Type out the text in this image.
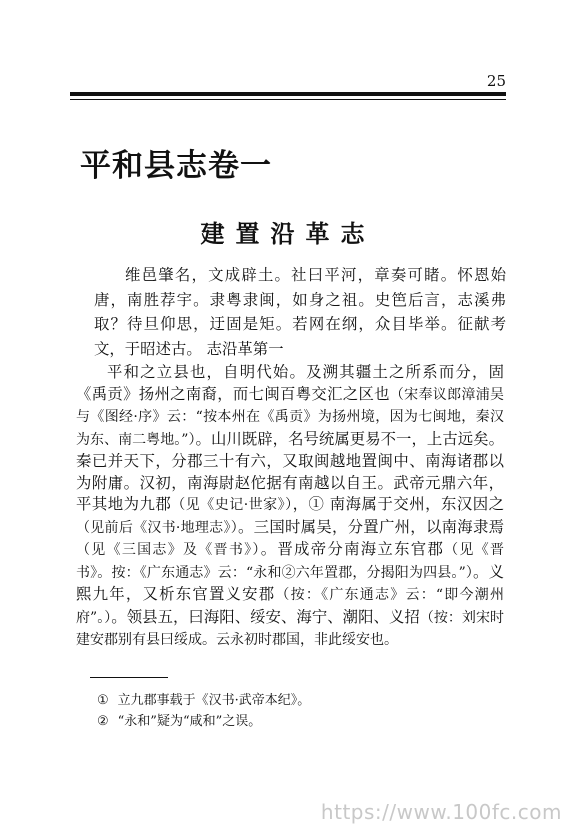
25
平和县志卷一
建置沿革志

维邑肇名，文成辟土。社曰平河，章奏可睹。怀恩始唐，南胜荐宇。隶粤隶闽，如身之祖。史笆后言，志溪弗取？待旦仰思，迂固是矩。若网在纲，众目毕举。征献考文，于昭述古。 志沿革第一

平和之立县也，自明代始。及溯其疆土之所系而分，固《禹贡》扬州之南裔，而七闽百粤交汇之区也（宋奉议郎漳浦吴与《图经·序》云：“按本州在《禹贡》为扬州境，因为七闽地，秦汉为东、南二粤地。”）。山川既辟，名号统属更易不一，上古远矣。秦已并天下，分郡三十有六，又取闽越地置闽中、南海诸郡以为附庸。汉初，南海尉赵佗据有南越以自王。武帝元鼎六年，平其地为九郡（见《史记·世家》），① 南海属于交州，东汉因之（见前后《汉书·地理志》）。三国时属吴，分置广州，以南海隶焉（见《三国志》及《晋书》）。晋成帝分南海立东官郡（见《晋书》。按：《广东通志》云：“永和②六年置郡，分揭阳为四县。”）。义熙九年，又析东官置义安郡（按：《广东通志》云：“即今潮州府”。）。领县五，曰海阳、绥安、海宁、潮阳、义招（按：刘宋时建安郡别有县曰绥成。云永初时郡国，非此绥安也。

① 立九郡事载于《汉书·武帝本纪》。
② “永和”疑为“咸和”之误。
https://www.100fc.com
